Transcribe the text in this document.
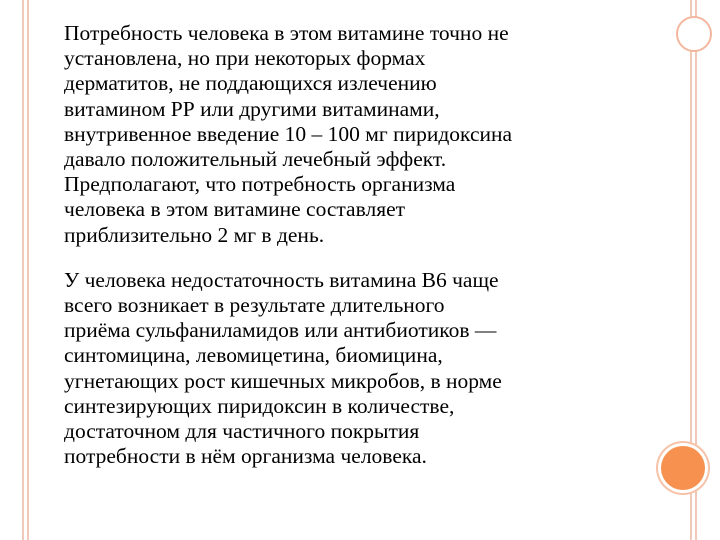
Потребность человека в этом витамине точно не
установлена, но при некоторых формах
дерматитов, не поддающихся излечению
витамином РР или другими витаминами,
внутривенное введение 10 – 100 мг пиридоксина
давало положительный лечебный эффект.
Предполагают, что потребность организма
человека в этом витамине составляет
приблизительно 2 мг в день.

У человека недостаточность витамина В6 чаще
всего возникает в результате длительного
приёма сульфаниламидов или антибиотиков —
синтомицина, левомицетина, биомицина,
угнетающих рост кишечных микробов, в норме
синтезирующих пиридоксин в количестве,
достаточном для частичного покрытия
потребности в нём организма человека.
